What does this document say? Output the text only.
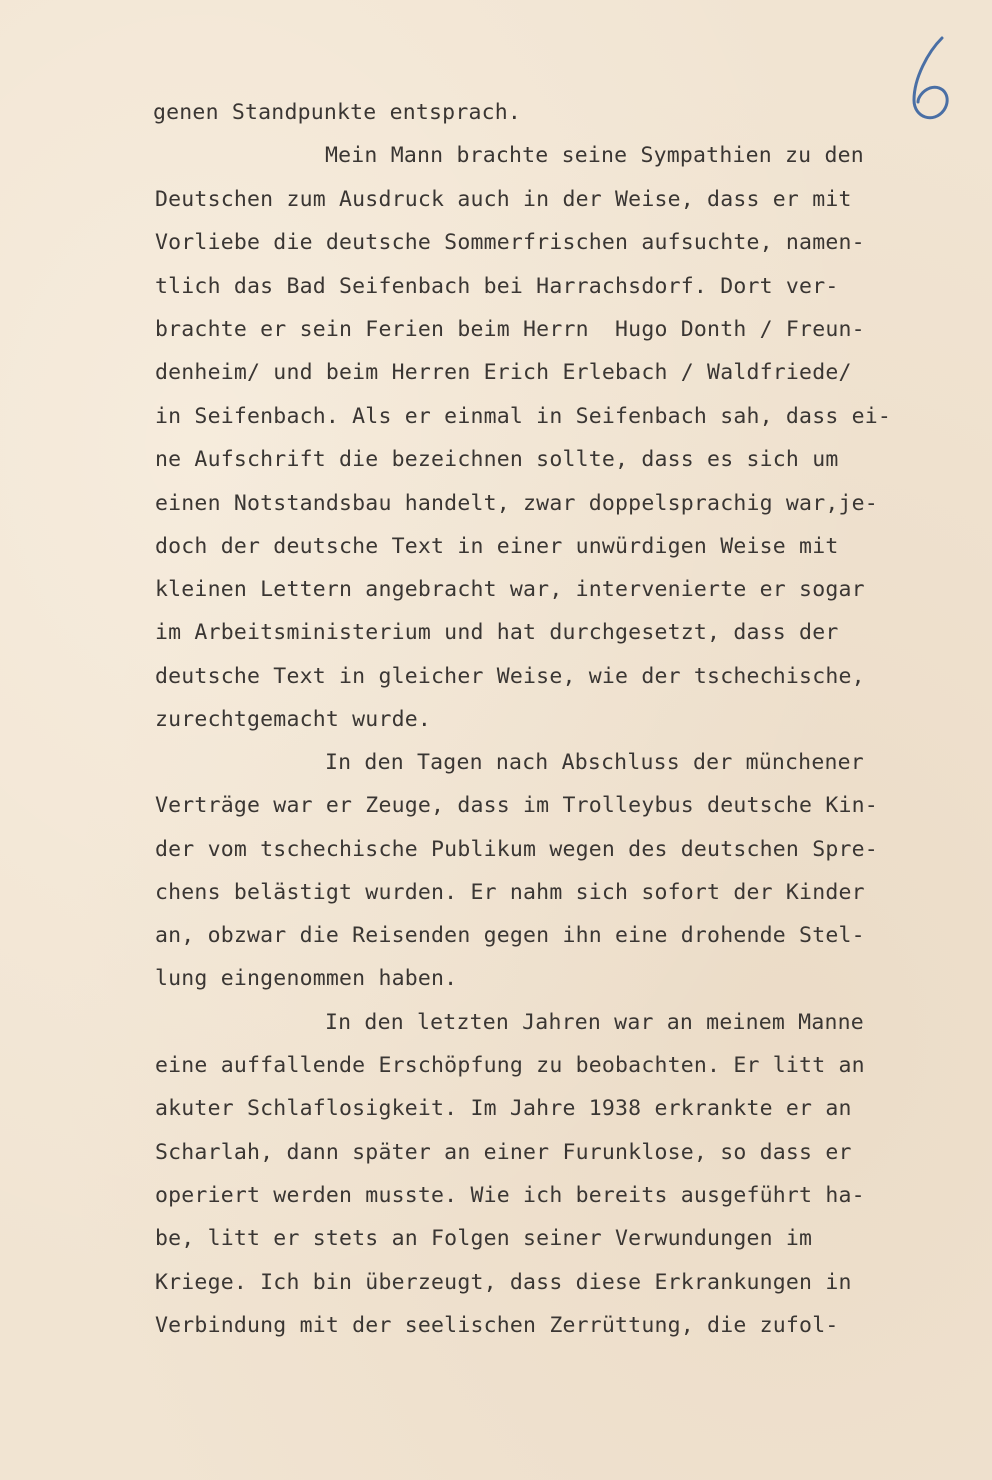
6
genen Standpunkte entsprach.
Mein Mann brachte seine Sympathien zu den
Deutschen zum Ausdruck auch in der Weise, dass er mit
Vorliebe die deutsche Sommerfrischen aufsuchte, namen-
tlich das Bad Seifenbach bei Harrachsdorf. Dort ver-
brachte er sein Ferien beim Herrn  Hugo Donth / Freun-
denheim/ und beim Herren Erich Erlebach / Waldfriede/
in Seifenbach. Als er einmal in Seifenbach sah, dass ei-
ne Aufschrift die bezeichnen sollte, dass es sich um
einen Notstandsbau handelt, zwar doppelsprachig war,je-
doch der deutsche Text in einer unwürdigen Weise mit
kleinen Lettern angebracht war, intervenierte er sogar
im Arbeitsministerium und hat durchgesetzt, dass der
deutsche Text in gleicher Weise, wie der tschechische,
zurechtgemacht wurde.
In den Tagen nach Abschluss der münchener
Verträge war er Zeuge, dass im Trolleybus deutsche Kin-
der vom tschechische Publikum wegen des deutschen Spre-
chens belästigt wurden. Er nahm sich sofort der Kinder
an, obzwar die Reisenden gegen ihn eine drohende Stel-
lung eingenommen haben.
In den letzten Jahren war an meinem Manne
eine auffallende Erschöpfung zu beobachten. Er litt an
akuter Schlaflosigkeit. Im Jahre 1938 erkrankte er an
Scharlah, dann später an einer Furunklose, so dass er
operiert werden musste. Wie ich bereits ausgeführt ha-
be, litt er stets an Folgen seiner Verwundungen im
Kriege. Ich bin überzeugt, dass diese Erkrankungen in
Verbindung mit der seelischen Zerrüttung, die zufol-
